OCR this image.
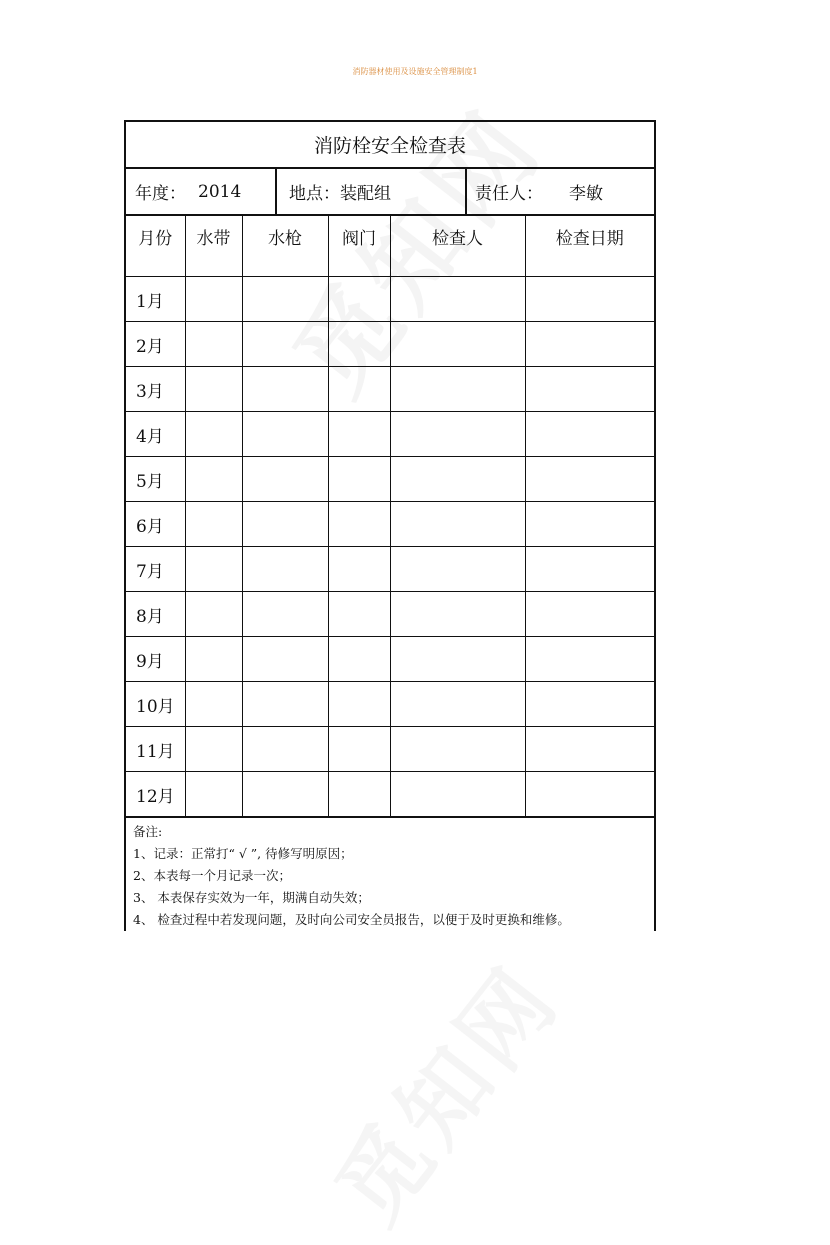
消防器材使用及设施安全管理制度1
消防栓安全检查表
年度： 2014	地点： 装配组	责任人： 李敏
月份	水带	水枪	阀门	检查人	检查日期
1月					
2月					
3月					
4月					
5月					
6月					
7月					
8月					
9月					
10月					
11月					
12月					
备注:
1、记录：正常打“ √ ”, 待修写明原因；
2、本表每一个月记录一次；
3、 本表保存实效为一年，期满自动失效；
4、 检查过程中若发现问题，及时向公司安全员报告，以便于及时更换和维修。
